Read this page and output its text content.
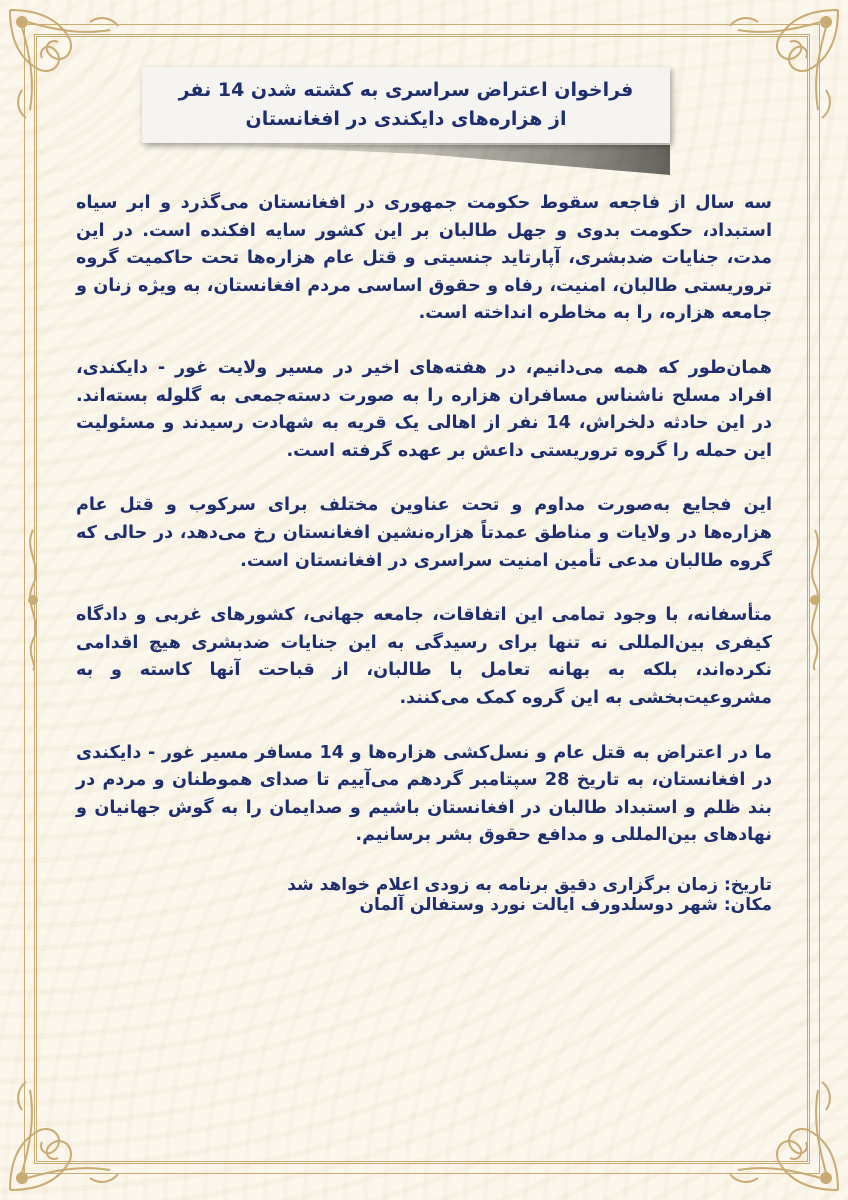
فراخوان اعتراض سراسری به کشته شدن 14 نفر
از هزاره‌های دایکندی در افغانستان

سه سال از فاجعه سقوط حکومت جمهوری در افغانستان می‌گذرد و ابر سیاه استبداد، حکومت بدوی و جهل طالبان بر این کشور سایه افکنده است. در این مدت، جنایات ضدبشری، آپارتاید جنسیتی و قتل عام هزاره‌ها تحت حاکمیت گروه تروریستی طالبان، امنیت، رفاه و حقوق اساسی مردم افغانستان، به ویژه زنان و جامعه هزاره، را به مخاطره انداخته است.

همان‌طور که همه می‌دانیم، در هفته‌های اخیر در مسیر ولایت غور - دایکندی، افراد مسلح ناشناس مسافران هزاره را به صورت دسته‌جمعی به گلوله بسته‌اند. در این حادثه دلخراش، 14 نفر از اهالی یک قریه به شهادت رسیدند و مسئولیت این حمله را گروه تروریستی داعش بر عهده گرفته است.

این فجایع به‌صورت مداوم و تحت عناوین مختلف برای سرکوب و قتل عام هزاره‌ها در ولایات و مناطق عمدتاً هزاره‌نشین افغانستان رخ می‌دهد، در حالی که گروه طالبان مدعی تأمین امنیت سراسری در افغانستان است.

متأسفانه، با وجود تمامی این اتفاقات، جامعه جهانی، کشورهای غربی و دادگاه کیفری بین‌المللی نه تنها برای رسیدگی به این جنایات ضدبشری هیچ اقدامی نکرده‌اند، بلکه به بهانه تعامل با طالبان، از قباحت آنها کاسته و به مشروعیت‌بخشی به این گروه کمک می‌کنند.

ما در اعتراض به قتل عام و نسل‌کشی هزاره‌ها و 14 مسافر مسیر غور - دایکندی در افغانستان، به تاریخ 28 سپتامبر گردهم می‌آییم تا صدای هموطنان و مردم در بند ظلم و استبداد طالبان در افغانستان باشیم و صدایمان را به گوش جهانیان و نهادهای بین‌المللی و مدافع حقوق بشر برسانیم.

تاریخ: زمان برگزاری دقیق برنامه به زودی اعلام خواهد شد

مکان: شهر دوسلدورف ایالت نورد وستفالن آلمان
